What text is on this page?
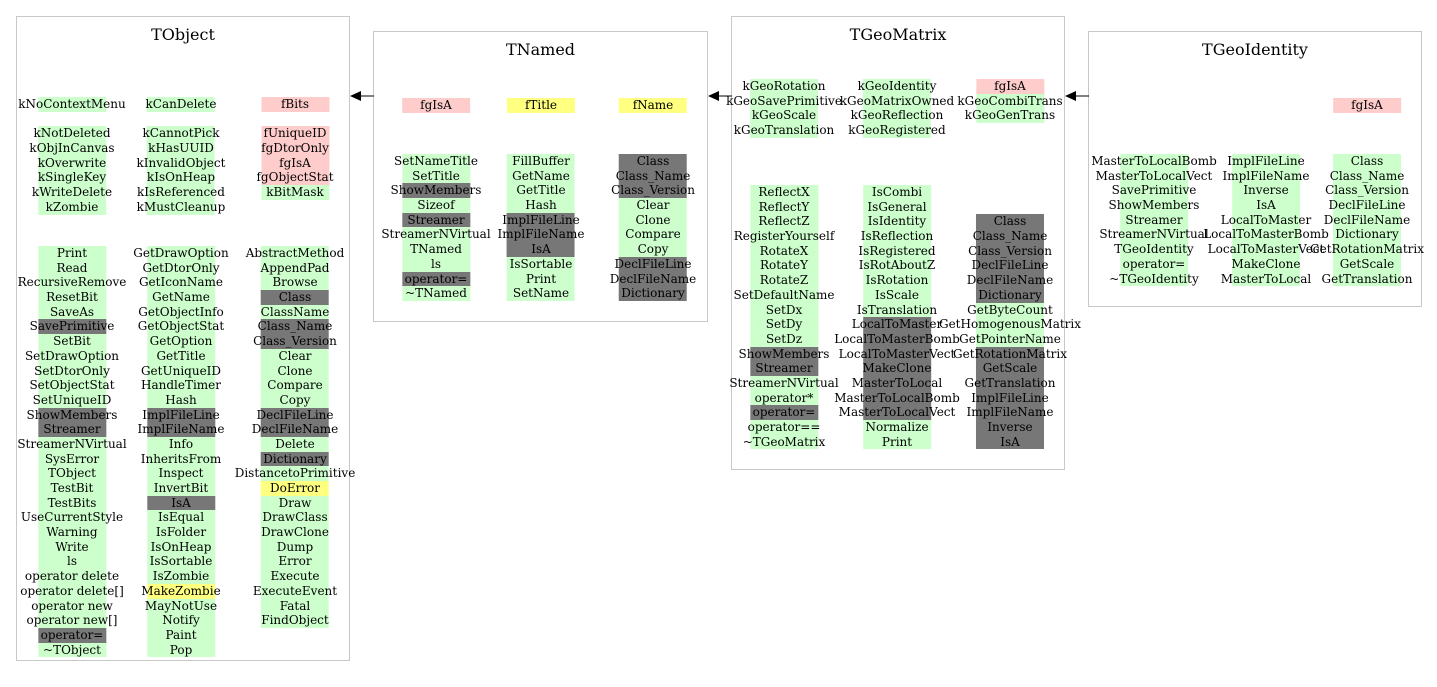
TObject
kNoContextMenu
kNotDeleted
kObjInCanvas
kOverwrite
kSingleKey
kWriteDelete
kZombie
kCanDelete
kCannotPick
kHasUUID
kInvalidObject
kIsOnHeap
kIsReferenced
kMustCleanup
fBits
fUniqueID
fgDtorOnly
fgIsA
fgObjectStat
kBitMask
Print
Read
RecursiveRemove
ResetBit
SaveAs
SavePrimitive
SetBit
SetDrawOption
SetDtorOnly
SetObjectStat
SetUniqueID
ShowMembers
Streamer
StreamerNVirtual
SysError
TObject
TestBit
TestBits
UseCurrentStyle
Warning
Write
ls
operator delete
operator delete[]
operator new
operator new[]
operator=
~TObject
GetDrawOption
GetDtorOnly
GetIconName
GetName
GetObjectInfo
GetObjectStat
GetOption
GetTitle
GetUniqueID
HandleTimer
Hash
ImplFileLine
ImplFileName
Info
InheritsFrom
Inspect
InvertBit
IsA
IsEqual
IsFolder
IsOnHeap
IsSortable
IsZombie
MakeZombie
MayNotUse
Notify
Paint
Pop
AbstractMethod
AppendPad
Browse
Class
ClassName
Class_Name
Class_Version
Clear
Clone
Compare
Copy
DeclFileLine
DeclFileName
Delete
Dictionary
DistancetoPrimitive
DoError
Draw
DrawClass
DrawClone
Dump
Error
Execute
ExecuteEvent
Fatal
FindObject
TNamed
fgIsA	fTitle	fName
SetNameTitle
SetTitle
ShowMembers
Sizeof
Streamer
StreamerNVirtual
TNamed
ls
operator=
~TNamed
FillBuffer
GetName
GetTitle
Hash
ImplFileLine
ImplFileName
IsA
IsSortable
Print
SetName
Class
Class_Name
Class_Version
Clear
Clone
Compare
Copy
DeclFileLine
DeclFileName
Dictionary
TGeoMatrix
kGeoRotation
kGeoSavePrimitive
kGeoScale
kGeoTranslation
kGeoIdentity
kGeoMatrixOwned
kGeoReflection
kGeoRegistered
fgIsA
kGeoCombiTrans
kGeoGenTrans
ReflectX
ReflectY
ReflectZ
RegisterYourself
RotateX
RotateY
RotateZ
SetDefaultName
SetDx
SetDy
SetDz
ShowMembers
Streamer
StreamerNVirtual
operator*
operator=
operator==
~TGeoMatrix
IsCombi
IsGeneral
IsIdentity
IsReflection
IsRegistered
IsRotAboutZ
IsRotation
IsScale
IsTranslation
LocalToMaster
LocalToMasterBomb
LocalToMasterVect
MakeClone
MasterToLocal
MasterToLocalBomb
MasterToLocalVect
Normalize
Print
Class
Class_Name
Class_Version
DeclFileLine
DeclFileName
Dictionary
GetByteCount
GetHomogenousMatrix
GetPointerName
GetRotationMatrix
GetScale
GetTranslation
ImplFileLine
ImplFileName
Inverse
IsA
TGeoIdentity
fgIsA
MasterToLocalBomb
MasterToLocalVect
SavePrimitive
ShowMembers
Streamer
StreamerNVirtual
TGeoIdentity
operator=
~TGeoIdentity
ImplFileLine
ImplFileName
Inverse
IsA
LocalToMaster
LocalToMasterBomb
LocalToMasterVect
MakeClone
MasterToLocal
Class
Class_Name
Class_Version
DeclFileLine
DeclFileName
Dictionary
GetRotationMatrix
GetScale
GetTranslation
